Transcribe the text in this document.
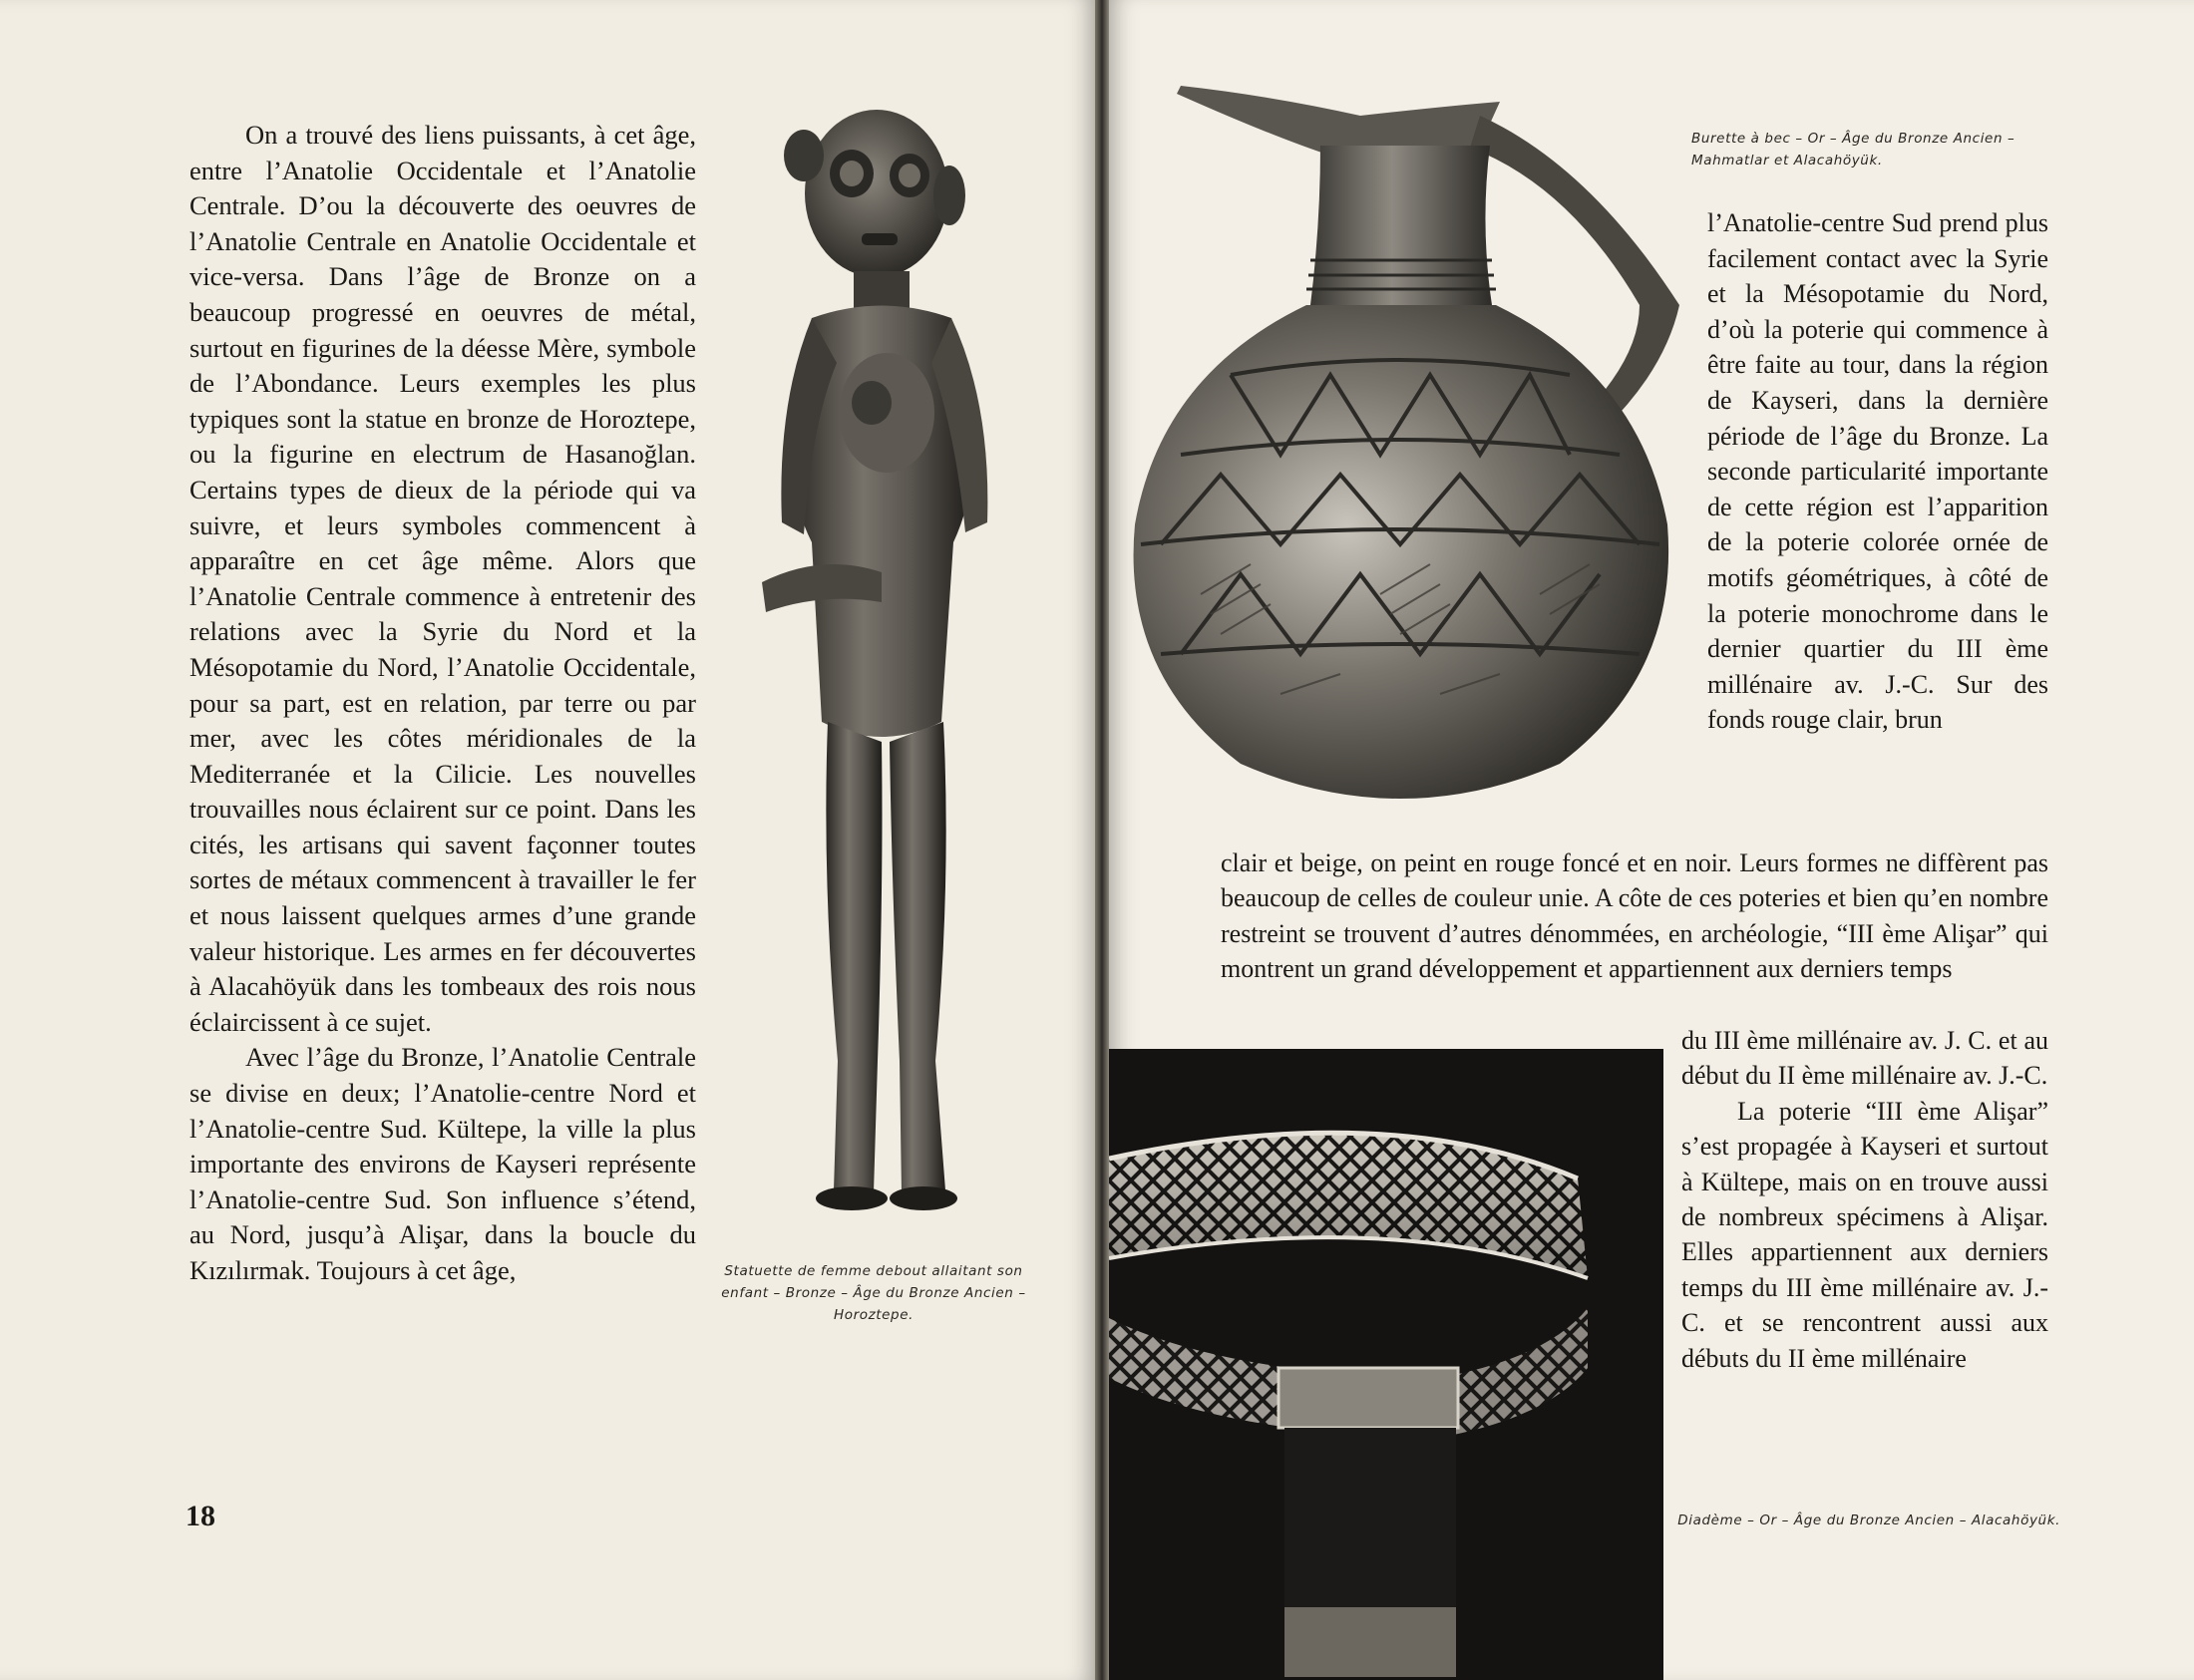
On a trouvé des liens puissants, à cet âge, entre l’Anatolie Occidentale et l’Anatolie Centrale. D’ou la découverte des oeuvres de l’Anatolie Centrale en Anatolie Occidentale et vice-versa. Dans l’âge de Bronze on a beaucoup progressé en oeuvres de métal, surtout en figurines de la déesse Mère, symbole de l’Abondance. Leurs exemples les plus typiques sont la statue en bronze de Horoztepe, ou la figurine en electrum de Hasanoğlan. Certains types de dieux de la période qui va suivre, et leurs symboles commencent à apparaître en cet âge même. Alors que l’Anatolie Centrale commence à entretenir des relations avec la Syrie du Nord et la Mésopotamie du Nord, l’Anatolie Occidentale, pour sa part, est en relation, par terre ou par mer, avec les côtes méridionales de la Mediterranée et la Cilicie. Les nouvelles trouvailles nous éclairent sur ce point. Dans les cités, les artisans qui savent façonner toutes sortes de métaux commencent à travailler le fer et nous laissent quelques armes d’une grande valeur historique. Les armes en fer découvertes à Alacahöyük dans les tombeaux des rois nous éclaircissent à ce sujet.

Avec l’âge du Bronze, l’Anatolie Centrale se divise en deux; l’Anatolie-centre Nord et l’Anatolie-centre Sud. Kültepe, la ville la plus importante des environs de Kayseri représente l’Anatolie-centre Sud. Son influence s’étend, au Nord, jusqu’à Alişar, dans la boucle du Kızılırmak. Toujours à cet âge,	Statuette de femme debout allaitant son enfant – Bronze – Âge du Bronze Ancien – Horoztepe.
18
Burette à bec – Or – Âge du Bronze Ancien – Mahmatlar et Alacahöyük.

l’Anatolie-centre Sud prend plus facilement contact avec la Syrie et la Mésopotamie du Nord, d’où la poterie qui commence à être faite au tour, dans la région de Kayseri, dans la dernière période de l’âge du Bronze. La seconde particularité importante de cette région est l’apparition de la poterie colorée ornée de motifs géométriques, à côté de la poterie monochrome dans le dernier quartier du III ème millénaire av. J.-C. Sur des fonds rouge clair, brun

clair et beige, on peint en rouge foncé et en noir. Leurs formes ne diffèrent pas beaucoup de celles de couleur unie. A côte de ces poteries et bien qu’en nombre restreint se trouvent d’autres dénommées, en archéologie, “III ème Alişar” qui montrent un grand développement et appartiennent aux derniers temps

du III ème millénaire av. J. C. et au début du II ème millénaire av. J.-C.

La poterie “III ème Alişar” s’est propagée à Kayseri et surtout à Kültepe, mais on en trouve aussi de nombreux spécimens à Alişar. Elles appartiennent aux derniers temps du III ème millénaire av. J.-C. et se rencontrent aussi aux débuts du II ème millénaire

Diadème – Or – Âge du Bronze Ancien – Alacahöyük.
